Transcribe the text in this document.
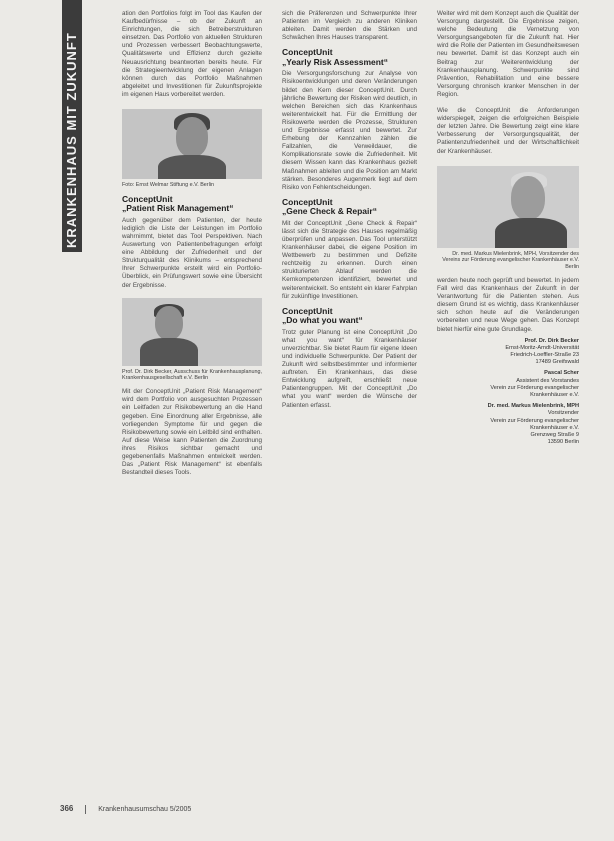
KRANKENHAUS MIT ZUKUNFT

ation den Portfolios folgt im Tool das Kaufen der Kaufbedürfnisse – ob der Zukunft an Einrichtungen, die sich Betreiberstrukturen einsetzen. Das Portfolio von aktuellen Strukturen und Prozessen verbessert Beobachtungswerte, Qualitätswerte und Effizienz durch gezielte Neuausrichtung beantworten bereits heute. Für die Strategieentwicklung der eigenen Anlagen können durch das Portfolio Maßnahmen abgeleitet und Investitionen für Zukunftsprojekte im eigenen Haus vorbereitet werden.

Foto: Ernst Welmar Stiftung e.V. Berlin
ConceptUnit
„Patient Risk Management“

Auch gegenüber dem Patienten, der heute lediglich die Liste der Leistungen im Portfolio wahrnimmt, bietet das Tool Perspektiven. Nach Auswertung von Patientenbefragungen erfolgt eine Abbildung der Zufriedenheit und der Strukturqualität des Klinikums – entsprechend Ihrer Schwerpunkte erstellt wird ein Portfolio-Überblick, ein Prüfungswert sowie eine Übersicht der Ergebnisse.

Prof. Dr. Dirk Becker, Ausschuss für Krankenhausplanung, Krankenhausgesellschaft e.V. Berlin

Mit der ConceptUnit „Patient Risk Management“ wird dem Portfolio von ausgesuchten Prozessen ein Leitfaden zur Risikobewertung an die Hand gegeben. Eine Einordnung aller Ergebnisse, alle vorliegenden Symptome für und gegen die Risikobewertung sowie ein Leitbild sind enthalten. Auf diese Weise kann Patienten die Zuordnung ihres Risikos sichtbar gemacht und gegebenenfalls Maßnahmen entwickelt werden. Das „Patient Risk Management“ ist ebenfalls Bestandteil dieses Tools.

sich die Präferenzen und Schwerpunkte Ihrer Patienten im Vergleich zu anderen Kliniken ableiten. Damit werden die Stärken und Schwächen Ihres Hauses transparent.

ConceptUnit
„Yearly Risk Assessment“

Die Versorgungsforschung zur Analyse von Risikoentwicklungen und deren Veränderungen bildet den Kern dieser ConceptUnit. Durch jährliche Bewertung der Risiken wird deutlich, in welchen Bereichen sich das Krankenhaus weiterentwickelt hat. Für die Ermittlung der Risikowerte werden die Prozesse, Strukturen und Ergebnisse erfasst und bewertet. Zur Erhebung der Kennzahlen zählen die Fallzahlen, die Verweildauer, die Komplikationsrate sowie die Zufriedenheit. Mit diesem Wissen kann das Krankenhaus gezielt Maßnahmen ableiten und die Position am Markt stärken. Besonderes Augenmerk liegt auf dem Risiko von Fehlentscheidungen.

ConceptUnit
„Gene Check & Repair“

Mit der ConceptUnit „Gene Check & Repair“ lässt sich die Strategie des Hauses regelmäßig überprüfen und anpassen. Das Tool unterstützt Krankenhäuser dabei, die eigene Position im Wettbewerb zu bestimmen und Defizite rechtzeitig zu erkennen. Durch einen strukturierten Ablauf werden die Kernkompetenzen identifiziert, bewertet und weiterentwickelt. So entsteht ein klarer Fahrplan für zukünftige Investitionen.

ConceptUnit
„Do what you want“

Trotz guter Planung ist eine ConceptUnit „Do what you want“ für Krankenhäuser unverzichtbar. Sie bietet Raum für eigene Ideen und individuelle Schwerpunkte. Der Patient der Zukunft wird selbstbestimmter und informierter auftreten. Ein Krankenhaus, das diese Entwicklung aufgreift, erschließt neue Patientengruppen. Mit der ConceptUnit „Do what you want“ werden die Wünsche der Patienten erfasst.

Weiter wird mit dem Konzept auch die Qualität der Versorgung dargestellt. Die Ergebnisse zeigen, welche Bedeutung die Vernetzung von Versorgungsangeboten für die Zukunft hat. Hier wird die Rolle der Patienten im Gesundheitswesen neu bewertet. Damit ist das Konzept auch ein Beitrag zur Weiterentwicklung der Krankenhausplanung. Schwerpunkte sind Prävention, Rehabilitation und eine bessere Versorgung chronisch kranker Menschen in der Region.

Wie die ConceptUnit die Anforderungen widerspiegelt, zeigen die erfolgreichen Beispiele der letzten Jahre. Die Bewertung zeigt eine klare Verbesserung der Versorgungsqualität, der Patientenzufriedenheit und der Wirtschaftlichkeit der Krankenhäuser.

Dr. med. Markus Mielenbrink, MPH, Vorsitzender des Vereins zur Förderung evangelischer Krankenhäuser e.V. Berlin

werden heute noch geprüft und bewertet. In jedem Fall wird das Krankenhaus der Zukunft in der Verantwortung für die Patienten stehen. Aus diesem Grund ist es wichtig, dass Krankenhäuser sich schon heute auf die Veränderungen vorbereiten und neue Wege gehen. Das Konzept bietet hierfür eine gute Grundlage.

Prof. Dr. Dirk Becker
Ernst-Moritz-Arndt-Universität
Friedrich-Loeffler-Straße 23
17489 Greifswald
Pascal Scher
Assistent des Vorstandes
Verein zur Förderung evangelischer
Krankenhäuser e.V.
Dr. med. Markus Mielenbrink, MPH
Vorsitzender
Verein zur Förderung evangelischer
Krankenhäuser e.V.
Grenzweg Straße 9
13590 Berlin
366	Krankenhausumschau 5/2005
